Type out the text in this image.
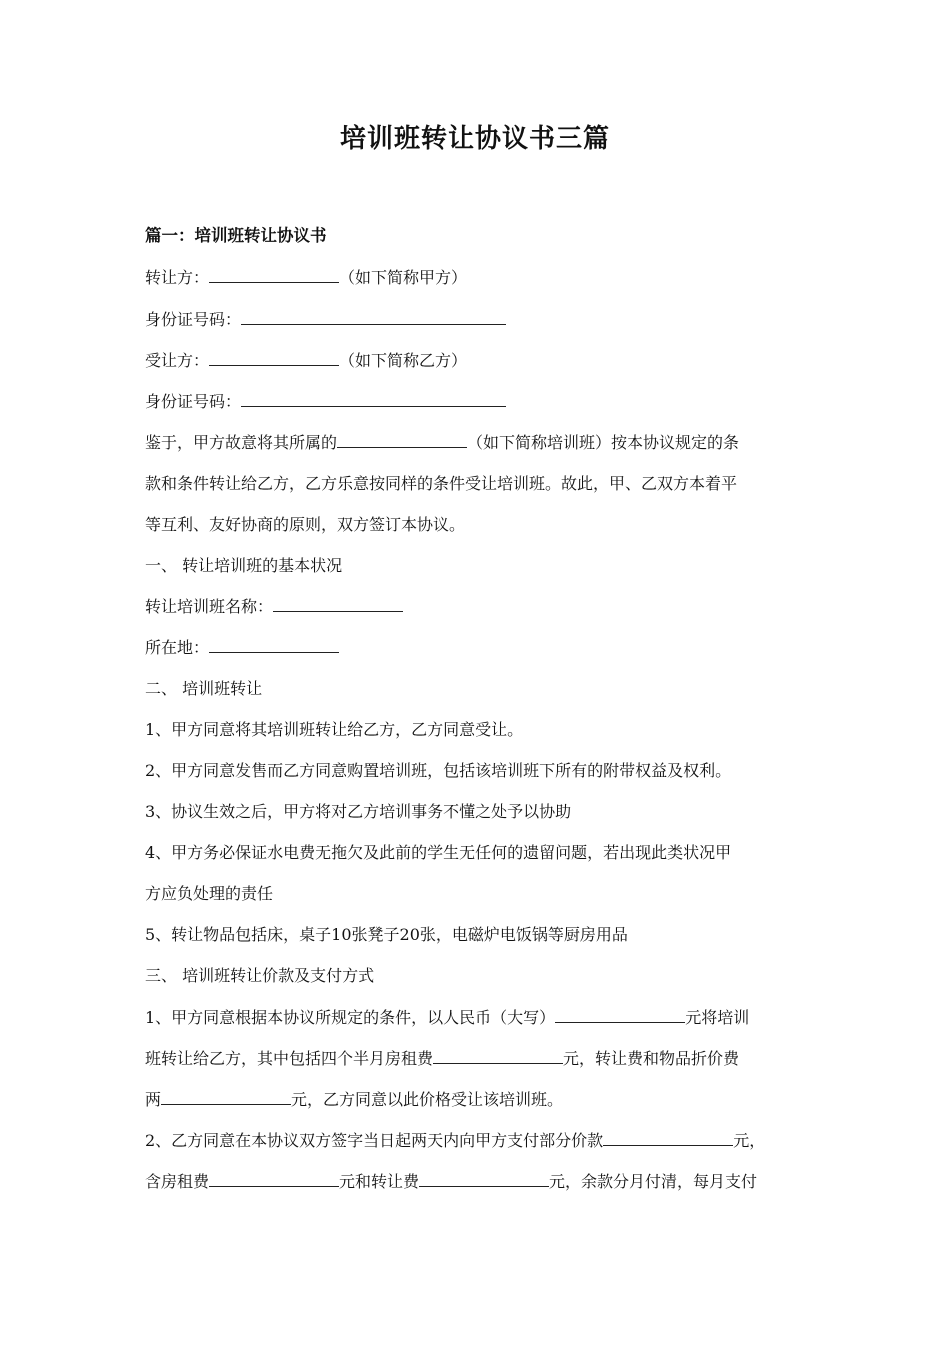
培训班转让协议书三篇
篇一：培训班转让协议书
转让方：	（如下简称甲方）
身份证号码：
受让方：	（如下简称乙方）
身份证号码：
鉴于，甲方故意将其所属的	（如下简称培训班）按本协议规定的条
款和条件转让给乙方，乙方乐意按同样的条件受让培训班。故此，甲、乙双方本着平
等互利、友好协商的原则，双方签订本协议。
一、 转让培训班的基本状况
转让培训班名称：
所在地：
二、 培训班转让
1、甲方同意将其培训班转让给乙方，乙方同意受让。
2、甲方同意发售而乙方同意购置培训班，包括该培训班下所有的附带权益及权利。
3、协议生效之后，甲方将对乙方培训事务不懂之处予以协助
4、甲方务必保证水电费无拖欠及此前的学生无任何的遗留问题，若出现此类状况甲
方应负处理的责任
5、转让物品包括床，桌子10张凳子20张，电磁炉电饭锅等厨房用品
三、 培训班转让价款及支付方式
1、甲方同意根据本协议所规定的条件，以人民币（大写）	元将培训
班转让给乙方，其中包括四个半月房租费	元，转让费和物品折价费
两	元，乙方同意以此价格受让该培训班。
2、乙方同意在本协议双方签字当日起两天内向甲方支付部分价款	元，
含房租费	元和转让费	元，余款分月付清，每月支付
